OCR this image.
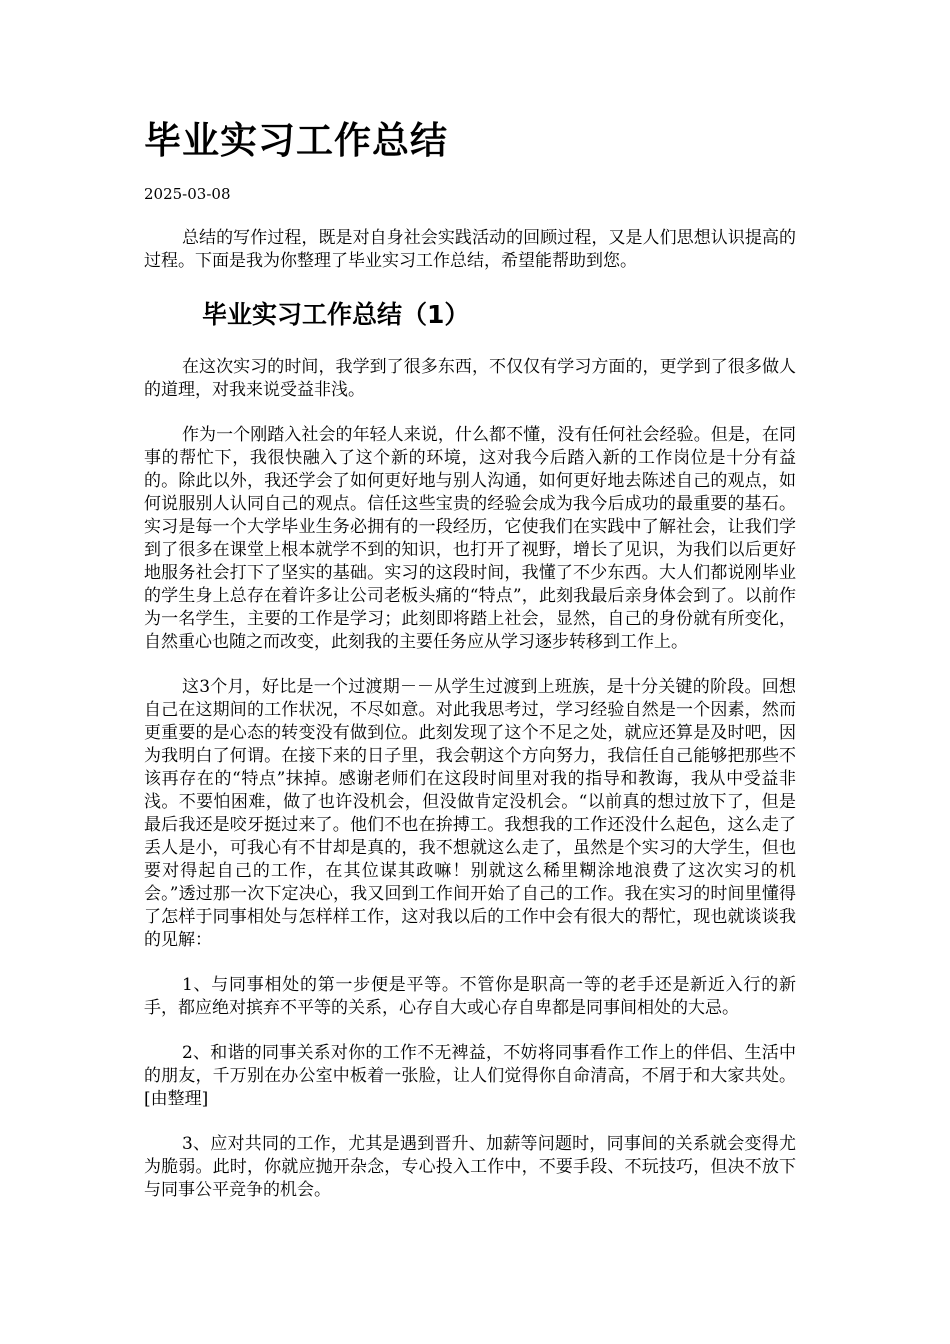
毕业实习工作总结
2025-03-08

总结的写作过程，既是对自身社会实践活动的回顾过程，又是人们思想认识提高的过程。下面是我为你整理了毕业实习工作总结，希望能帮助到您。

毕业实习工作总结（1）

在这次实习的时间，我学到了很多东西，不仅仅有学习方面的，更学到了很多做人的道理，对我来说受益非浅。

作为一个刚踏入社会的年轻人来说，什么都不懂，没有任何社会经验。但是，在同事的帮忙下，我很快融入了这个新的环境，这对我今后踏入新的工作岗位是十分有益的。除此以外，我还学会了如何更好地与别人沟通，如何更好地去陈述自己的观点，如何说服别人认同自己的观点。信任这些宝贵的经验会成为我今后成功的最重要的基石。实习是每一个大学毕业生务必拥有的一段经历，它使我们在实践中了解社会，让我们学到了很多在课堂上根本就学不到的知识，也打开了视野，增长了见识，为我们以后更好地服务社会打下了坚实的基础。实习的这段时间，我懂了不少东西。大人们都说刚毕业的学生身上总存在着许多让公司老板头痛的“特点”，此刻我最后亲身体会到了。以前作为一名学生，主要的工作是学习；此刻即将踏上社会，显然，自己的身份就有所变化，自然重心也随之而改变，此刻我的主要任务应从学习逐步转移到工作上。

这3个月，好比是一个过渡期－－从学生过渡到上班族，是十分关键的阶段。回想自己在这期间的工作状况，不尽如意。对此我思考过，学习经验自然是一个因素，然而更重要的是心态的转变没有做到位。此刻发现了这个不足之处，就应还算是及时吧，因为我明白了何谓。在接下来的日子里，我会朝这个方向努力，我信任自己能够把那些不该再存在的“特点”抹掉。感谢老师们在这段时间里对我的指导和教诲，我从中受益非浅。不要怕困难，做了也许没机会，但没做肯定没机会。“以前真的想过放下了，但是最后我还是咬牙挺过来了。他们不也在拚搏工。我想我的工作还没什么起色，这么走了丢人是小，可我心有不甘却是真的，我不想就这么走了，虽然是个实习的大学生，但也要对得起自己的工作，在其位谋其政嘛！别就这么稀里糊涂地浪费了这次实习的机会。”透过那一次下定决心，我又回到工作间开始了自己的工作。我在实习的时间里懂得了怎样于同事相处与怎样样工作，这对我以后的工作中会有很大的帮忙，现也就谈谈我的见解：

1、与同事相处的第一步便是平等。不管你是职高一等的老手还是新近入行的新手，都应绝对摈弃不平等的关系，心存自大或心存自卑都是同事间相处的大忌。

2、和谐的同事关系对你的工作不无裨益，不妨将同事看作工作上的伴侣、生活中的朋友，千万别在办公室中板着一张脸，让人们觉得你自命清高，不屑于和大家共处。[由整理]

3、应对共同的工作，尤其是遇到晋升、加薪等问题时，同事间的关系就会变得尤为脆弱。此时，你就应抛开杂念，专心投入工作中，不要手段、不玩技巧，但决不放下与同事公平竞争的机会。
